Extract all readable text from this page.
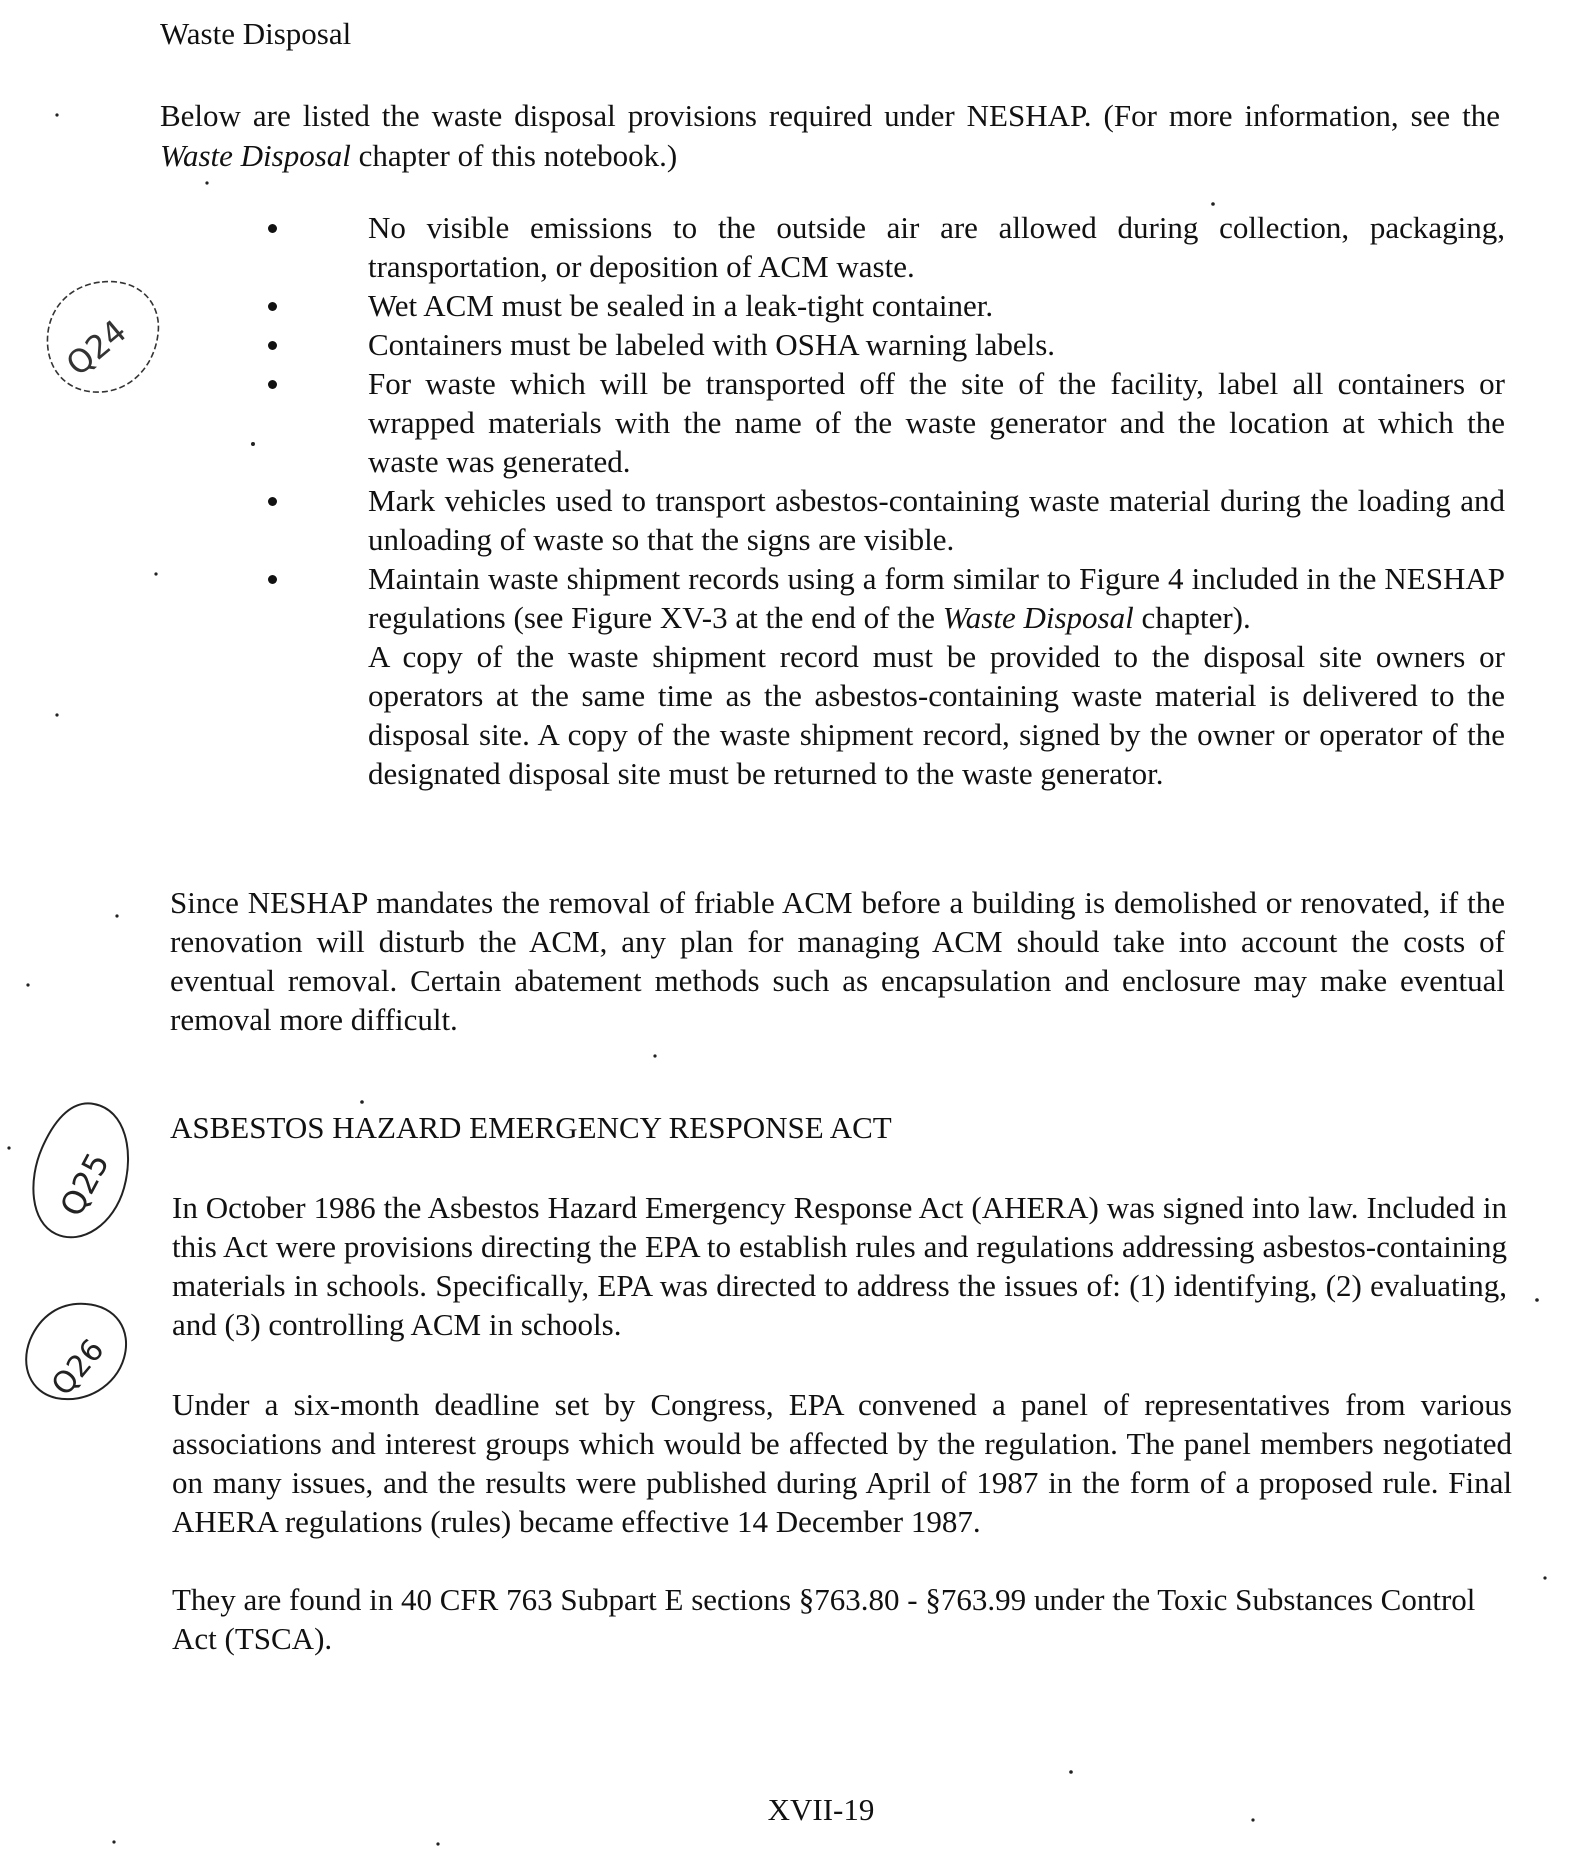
Waste Disposal

Below are listed the waste disposal provisions required under NESHAP. (For more information, see the Waste Disposal chapter of this notebook.)

No visible emissions to the outside air are allowed during collection, packaging, transportation, or deposition of ACM waste.
Wet ACM must be sealed in a leak-tight container.
Containers must be labeled with OSHA warning labels.
For waste which will be transported off the site of the facility, label all containers or wrapped materials with the name of the waste generator and the location at which the waste was generated.
Mark vehicles used to transport asbestos-containing waste material during the loading and unloading of waste so that the signs are visible.
Maintain waste shipment records using a form similar to Figure 4 included in the NESHAP regulations (see Figure XV-3 at the end of the Waste Disposal chapter).
A copy of the waste shipment record must be provided to the disposal site owners or operators at the same time as the asbestos-containing waste material is delivered to the disposal site. A copy of the waste shipment record, signed by the owner or operator of the designated disposal site must be returned to the waste generator.

Since NESHAP mandates the removal of friable ACM before a building is demolished or renovated, if the renovation will disturb the ACM, any plan for managing ACM should take into account the costs of eventual removal. Certain abatement methods such as encapsulation and enclosure may make eventual removal more difficult.

ASBESTOS HAZARD EMERGENCY RESPONSE ACT

In October 1986 the Asbestos Hazard Emergency Response Act (AHERA) was signed into law. Included in this Act were provisions directing the EPA to establish rules and regulations addressing asbestos-containing materials in schools. Specifically, EPA was directed to address the issues of: (1) identifying, (2) evaluating, and (3) controlling ACM in schools.

Under a six-month deadline set by Congress, EPA convened a panel of representatives from various associations and interest groups which would be affected by the regulation. The panel members negotiated on many issues, and the results were published during April of 1987 in the form of a proposed rule. Final AHERA regulations (rules) became effective 14 December 1987.

They are found in 40 CFR 763 Subpart E sections §763.80 - §763.99 under the Toxic Substances Control Act (TSCA).

XVII-19
Q24
Q25
Q26
